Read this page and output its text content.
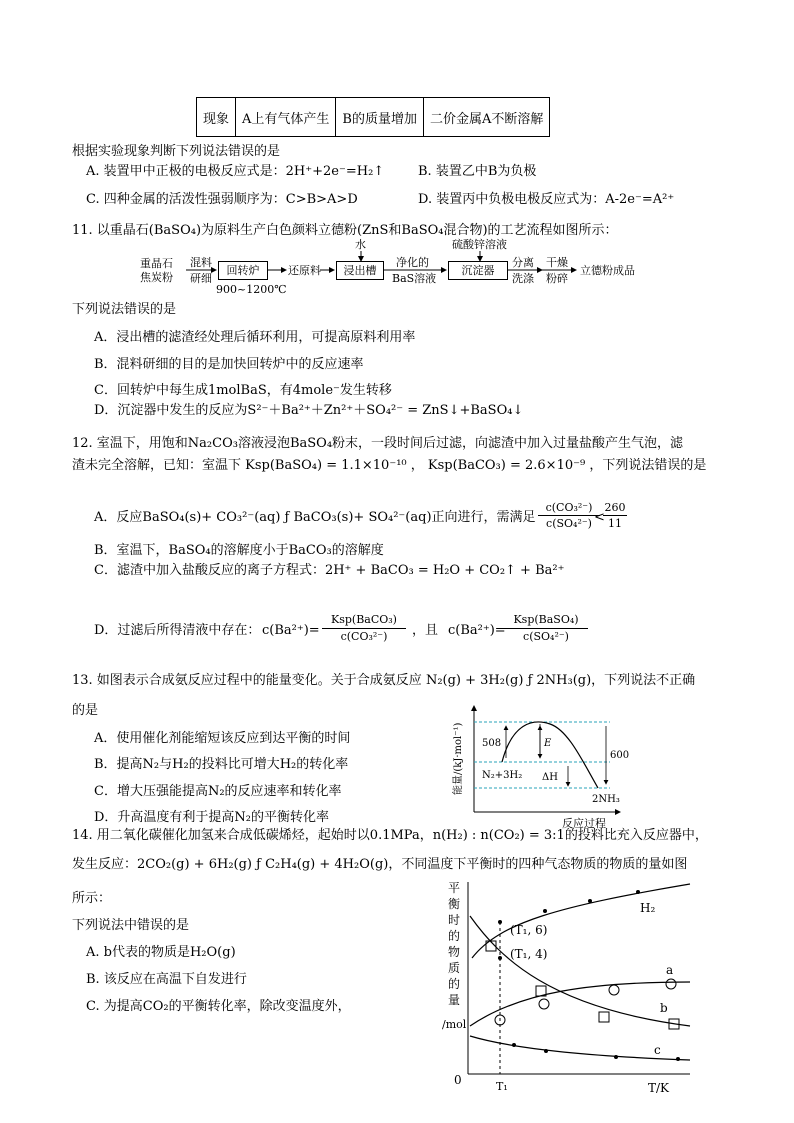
现象	A上有气体产生	B的质量增加	二价金属A不断溶解
根据实验现象判断下列说法错误的是
A. 装置甲中正极的电极反应式是：2H⁺+2e⁻=H₂↑	B. 装置乙中B为负极
C. 四种金属的活泼性强弱顺序为：C>B>A>D	D. 装置丙中负极电极反应式为：A-2e⁻=A²⁺
11. 以重晶石(BaSO₄)为原料生产白色颜料立德粉(ZnS和BaSO₄混合物)的工艺流程如图所示：
重晶石
焦炭粉
混料
研细
回转炉
900~1200℃
还原料
水
浸出槽
净化的
BaS溶液
硫酸锌溶液
沉淀器
分离
洗涤
干燥
粉碎
立德粉成品
下列说法错误的是
A．浸出槽的滤渣经处理后循环利用，可提高原料利用率
B．混料研细的目的是加快回转炉中的反应速率
C．回转炉中每生成1molBaS，有4mole⁻发生转移
D．沉淀器中发生的反应为S²⁻＋Ba²⁺＋Zn²⁺＋SO₄²⁻ = ZnS↓+BaSO₄↓
12. 室温下，用饱和Na₂CO₃溶液浸泡BaSO₄粉末，一段时间后过滤，向滤渣中加入过量盐酸产生气泡，滤
渣未完全溶解，已知：室温下 Ksp(BaSO₄) = 1.1×10⁻¹⁰ ， Ksp(BaCO₃) = 2.6×10⁻⁹ ，下列说法错误的是
A．反应BaSO₄(s)+ CO₃²⁻(aq) ƒ BaCO₃(s)+ SO₄²⁻(aq)正向进行，需满足 $\frac{\text{c(CO₃²⁻)}}{\text{c(SO₄²⁻)}}$
<
$\frac{260}{11}$
B．室温下，BaSO₄的溶解度小于BaCO₃的溶解度
C．滤渣中加入盐酸反应的离子方程式：2H⁺ + BaCO₃ = H₂O + CO₂↑ + Ba²⁺
D．过滤后所得清液中存在： c(Ba²⁺)=
Ksp(BaCO₃)
c(CO₃²⁻)	，且 c(Ba²⁺)=
Ksp(BaSO₄)
c(SO₄²⁻)
13. 如图表示合成氨反应过程中的能量变化。关于合成氨反应 N₂(g) + 3H₂(g) ƒ 2NH₃(g)，下列说法不正确
的是
A．使用催化剂能缩短该反应到达平衡的时间
B．提高N₂与H₂的投料比可增大H₂的转化率
C．增大压强能提高N₂的反应速率和转化率
D．升高温度有利于提高N₂的平衡转化率
能量/(kJ·mol⁻¹)
反应过程
508
600
E
ΔH
N₂+3H₂
2NH₃
14. 用二氧化碳催化加氢来合成低碳烯烃，起始时以0.1MPa，n(H₂) : n(CO₂) = 3:1的投料比充入反应器中，
发生反应：2CO₂(g) + 6H₂(g) ƒ C₂H₄(g) + 4H₂O(g)，不同温度下平衡时的四种气态物质的物质的量如图
所示：
下列说法中错误的是
A. b代表的物质是H₂O(g)
B. 该反应在高温下自发进行
C. 为提高CO₂的平衡转化率，除改变温度外，
平
衡
时
的
物
质
的
量
/mol
0
T/K
T₁
(T₁, 6)
(T₁, 4)
H₂
a
b
c
